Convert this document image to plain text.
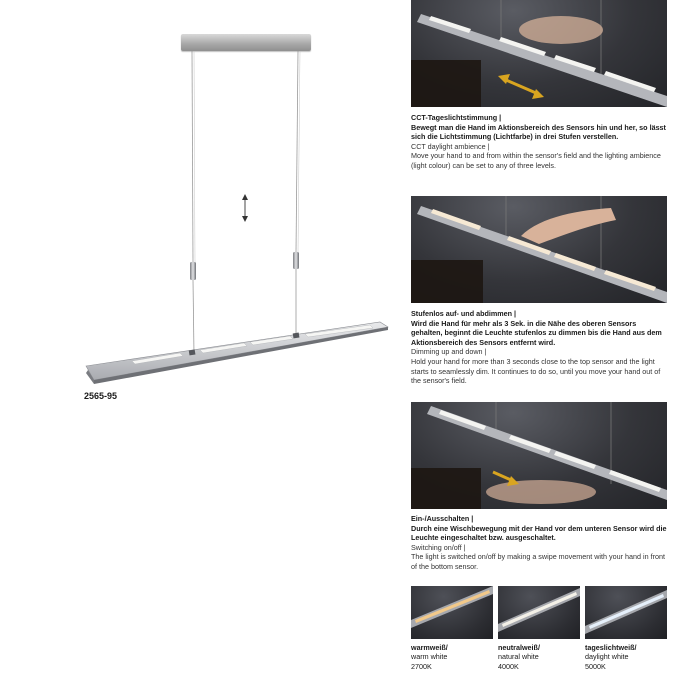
2565-95
CCT-Tageslichtstimmung |
Bewegt man die Hand im Aktionsbereich des Sensors hin und her, so lässt sich die Lichtstimmung (Lichtfarbe) in drei Stufen verstellen.
CCT daylight ambience |
Move your hand to and from within the sensor's field and the lighting ambience (light colour) can be set to any of three levels.
Stufenlos auf- und abdimmen |
Wird die Hand für mehr als 3 Sek. in die Nähe des oberen Sensors gehalten, beginnt die Leuchte stufenlos zu dimmen bis die Hand aus dem Aktionsbereich des Sensors entfernt wird.
Dimming up and down |
Hold your hand for more than 3 seconds close to the top sensor and the light starts to seamlessly dim. It continues to do so, until you move your hand out of the sensor's field.
Ein-/Ausschalten |
Durch eine Wischbewegung mit der Hand vor dem unteren Sensor wird die Leuchte eingeschaltet bzw. ausgeschaltet.
Switching on/off |
The light is switched on/off by making a swipe movement with your hand in front of the bottom sensor.
warmweiß/
warm white
2700K
neutralweiß/
natural white
4000K
tageslichtweiß/
daylight white
5000K
